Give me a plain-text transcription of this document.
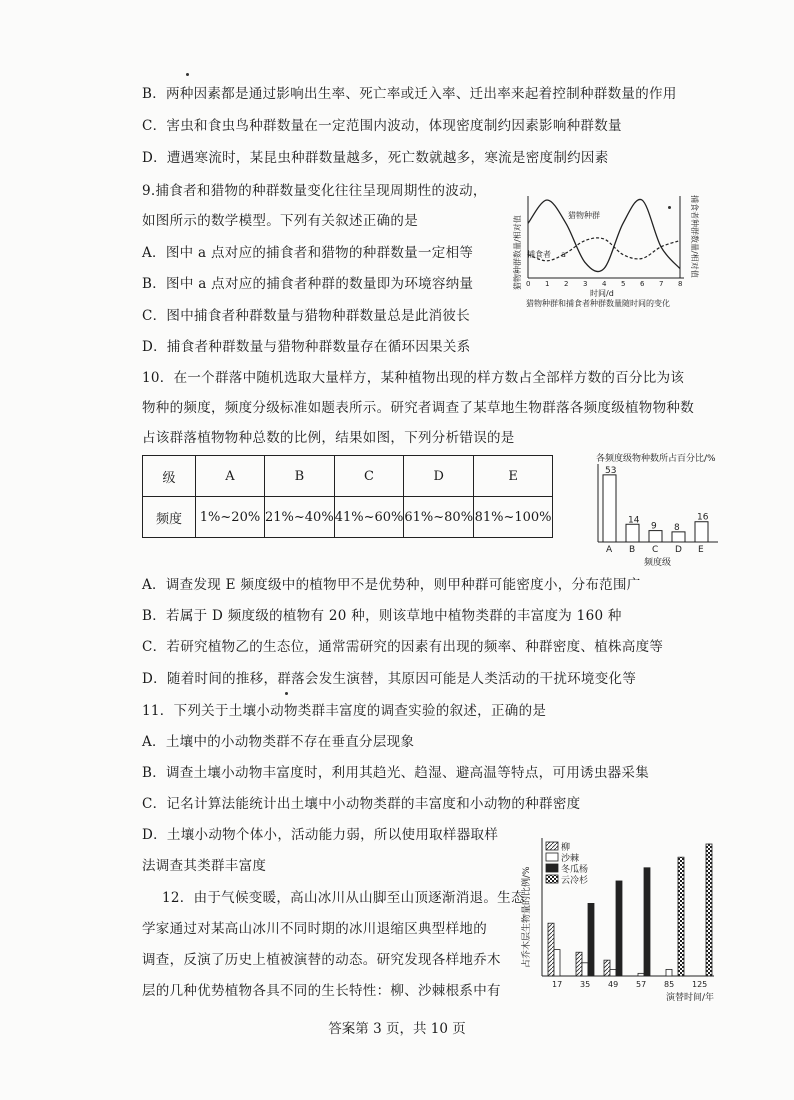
B．两种因素都是通过影响出生率、死亡率或迁入率、迁出率来起着控制种群数量的作用
C．害虫和食虫鸟种群数量在一定范围内波动，体现密度制约因素影响种群数量
D．遭遇寒流时，某昆虫种群数量越多，死亡数就越多，寒流是密度制约因素
9.捕食者和猎物的种群数量变化往往呈现周期性的波动，
如图所示的数学模型。下列有关叙述正确的是
A．图中 a 点对应的捕食者和猎物的种群数量一定相等
B．图中 a 点对应的捕食者种群的数量即为环境容纳量
C．图中捕食者种群数量与猎物种群数量总是此消彼长
D．捕食者种群数量与猎物种群数量存在循环因果关系
猎物种群数量/相对值	捕食者种群数量/相对值
猎物种群
捕食者 a
0 1 2 3 4 5 6 7 8
时间/d
猎物种群和捕食者种群数量随时间的变化
10．在一个群落中随机选取大量样方，某种植物出现的样方数占全部样方数的百分比为该
物种的频度，频度分级标准如题表所示。研究者调查了某草地生物群落各频度级植物物种数
占该群落植物物种总数的比例，结果如图，下列分析错误的是
级	A	B	C	D	E
频度	1%~20%	21%~40%	41%~60%	61%~80%	81%~100%
各频度级物种数所占百分比/%
53
A
14
B
9
C
8
D
16
E
频度级
A．调查发现 E 频度级中的植物甲不是优势种，则甲种群可能密度小，分布范围广
B．若属于 D 频度级的植物有 20 种，则该草地中植物类群的丰富度为 160 种
C．若研究植物乙的生态位，通常需研究的因素有出现的频率、种群密度、植株高度等
D．随着时间的推移，群落会发生演替，其原因可能是人类活动的干扰环境变化等
11．下列关于土壤小动物类群丰富度的调查实验的叙述，正确的是
A．土壤中的小动物类群不存在垂直分层现象
B．调查土壤小动物丰富度时，利用其趋光、趋湿、避高温等特点，可用诱虫器采集
C．记名计算法能统计出土壤中小动物类群的丰富度和小动物的种群密度
D．土壤小动物个体小，活动能力弱，所以使用取样器取样
法调查其类群丰富度
12．由于气候变暖，高山冰川从山脚至山顶逐渐消退。生态
学家通过对某高山冰川不同时期的冰川退缩区典型样地的
调查，反演了历史上植被演替的动态。研究发现各样地乔木
层的几种优势植物各具不同的生长特性：柳、沙棘根系中有
占乔木层生物量的比例/%
柳
沙棘
冬瓜杨
云冷杉
17 35 49 57 85 125
演替时间/年
答案第 3 页，共 10 页
